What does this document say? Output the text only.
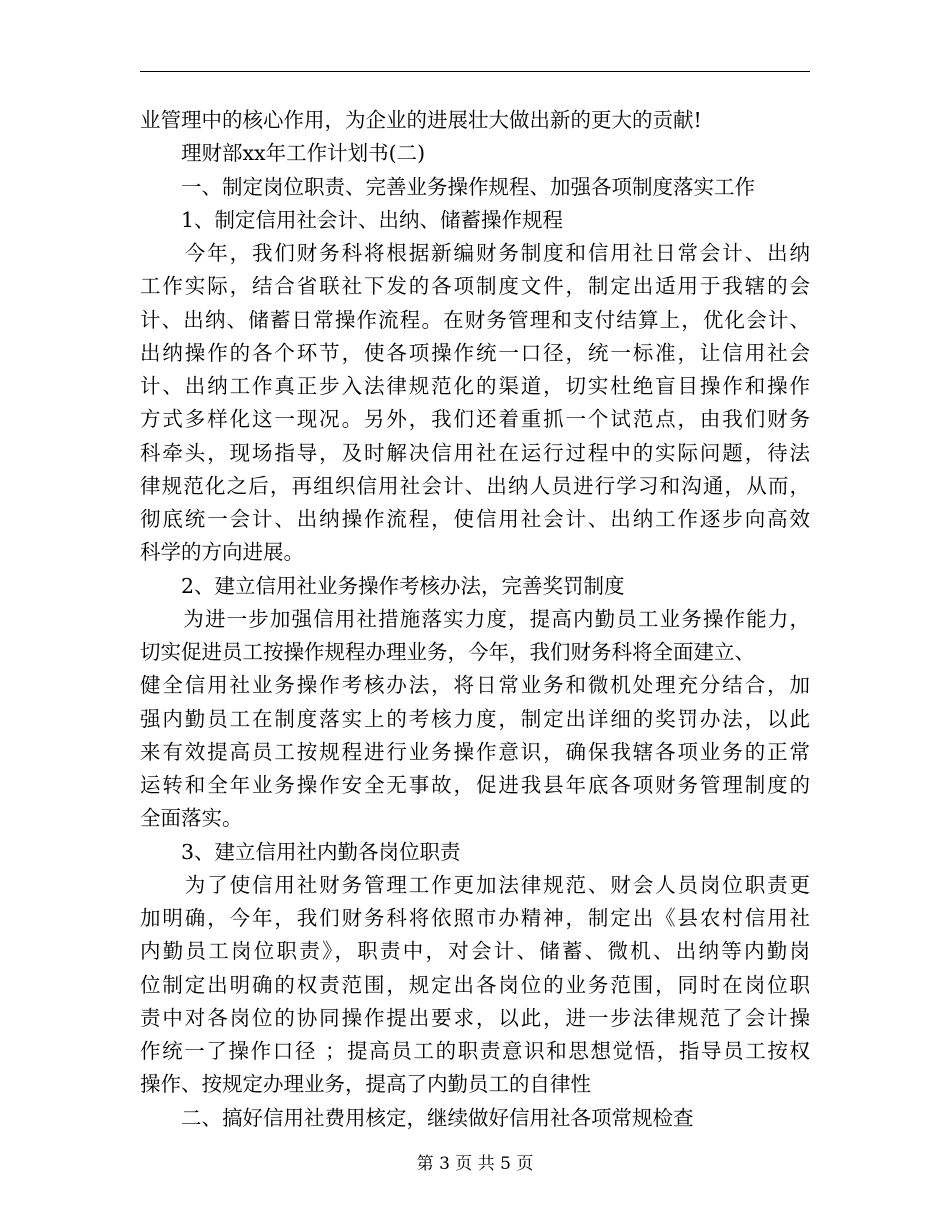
业管理中的核心作用，为企业的进展壮大做出新的更大的贡献!
　　理财部xx年工作计划书(二)
　　一、制定岗位职责、完善业务操作规程、加强各项制度落实工作
　　1、制定信用社会计、出纳、储蓄操作规程
　　今年，我们财务科将根据新编财务制度和信用社日常会计、出纳
工作实际，结合省联社下发的各项制度文件，制定出适用于我辖的会
计、出纳、储蓄日常操作流程。在财务管理和支付结算上，优化会计、
出纳操作的各个环节，使各项操作统一口径，统一标准，让信用社会
计、出纳工作真正步入法律规范化的渠道，切实杜绝盲目操作和操作
方式多样化这一现况。另外，我们还着重抓一个试范点，由我们财务
科牵头，现场指导，及时解决信用社在运行过程中的实际问题，待法
律规范化之后，再组织信用社会计、出纳人员进行学习和沟通，从而，
彻底统一会计、出纳操作流程，使信用社会计、出纳工作逐步向高效
科学的方向进展。
　　2、建立信用社业务操作考核办法，完善奖罚制度
　　为进一步加强信用社措施落实力度，提高内勤员工业务操作能力，
切实促进员工按操作规程办理业务，今年，我们财务科将全面建立、
健全信用社业务操作考核办法，将日常业务和微机处理充分结合，加
强内勤员工在制度落实上的考核力度，制定出详细的奖罚办法，以此
来有效提高员工按规程进行业务操作意识，确保我辖各项业务的正常
运转和全年业务操作安全无事故，促进我县年底各项财务管理制度的
全面落实。
　　3、建立信用社内勤各岗位职责
　　为了使信用社财务管理工作更加法律规范、财会人员岗位职责更
加明确，今年，我们财务科将依照市办精神，制定出《县农村信用社
内勤员工岗位职责》，职责中，对会计、储蓄、微机、出纳等内勤岗
位制定出明确的权责范围，规定出各岗位的业务范围，同时在岗位职
责中对各岗位的协同操作提出要求，以此，进一步法律规范了会计操
作统一了操作口径 ；提高员工的职责意识和思想觉悟，指导员工按权
操作、按规定办理业务，提高了内勤员工的自律性
　　二、搞好信用社费用核定，继续做好信用社各项常规检查
第 3 页 共 5 页
